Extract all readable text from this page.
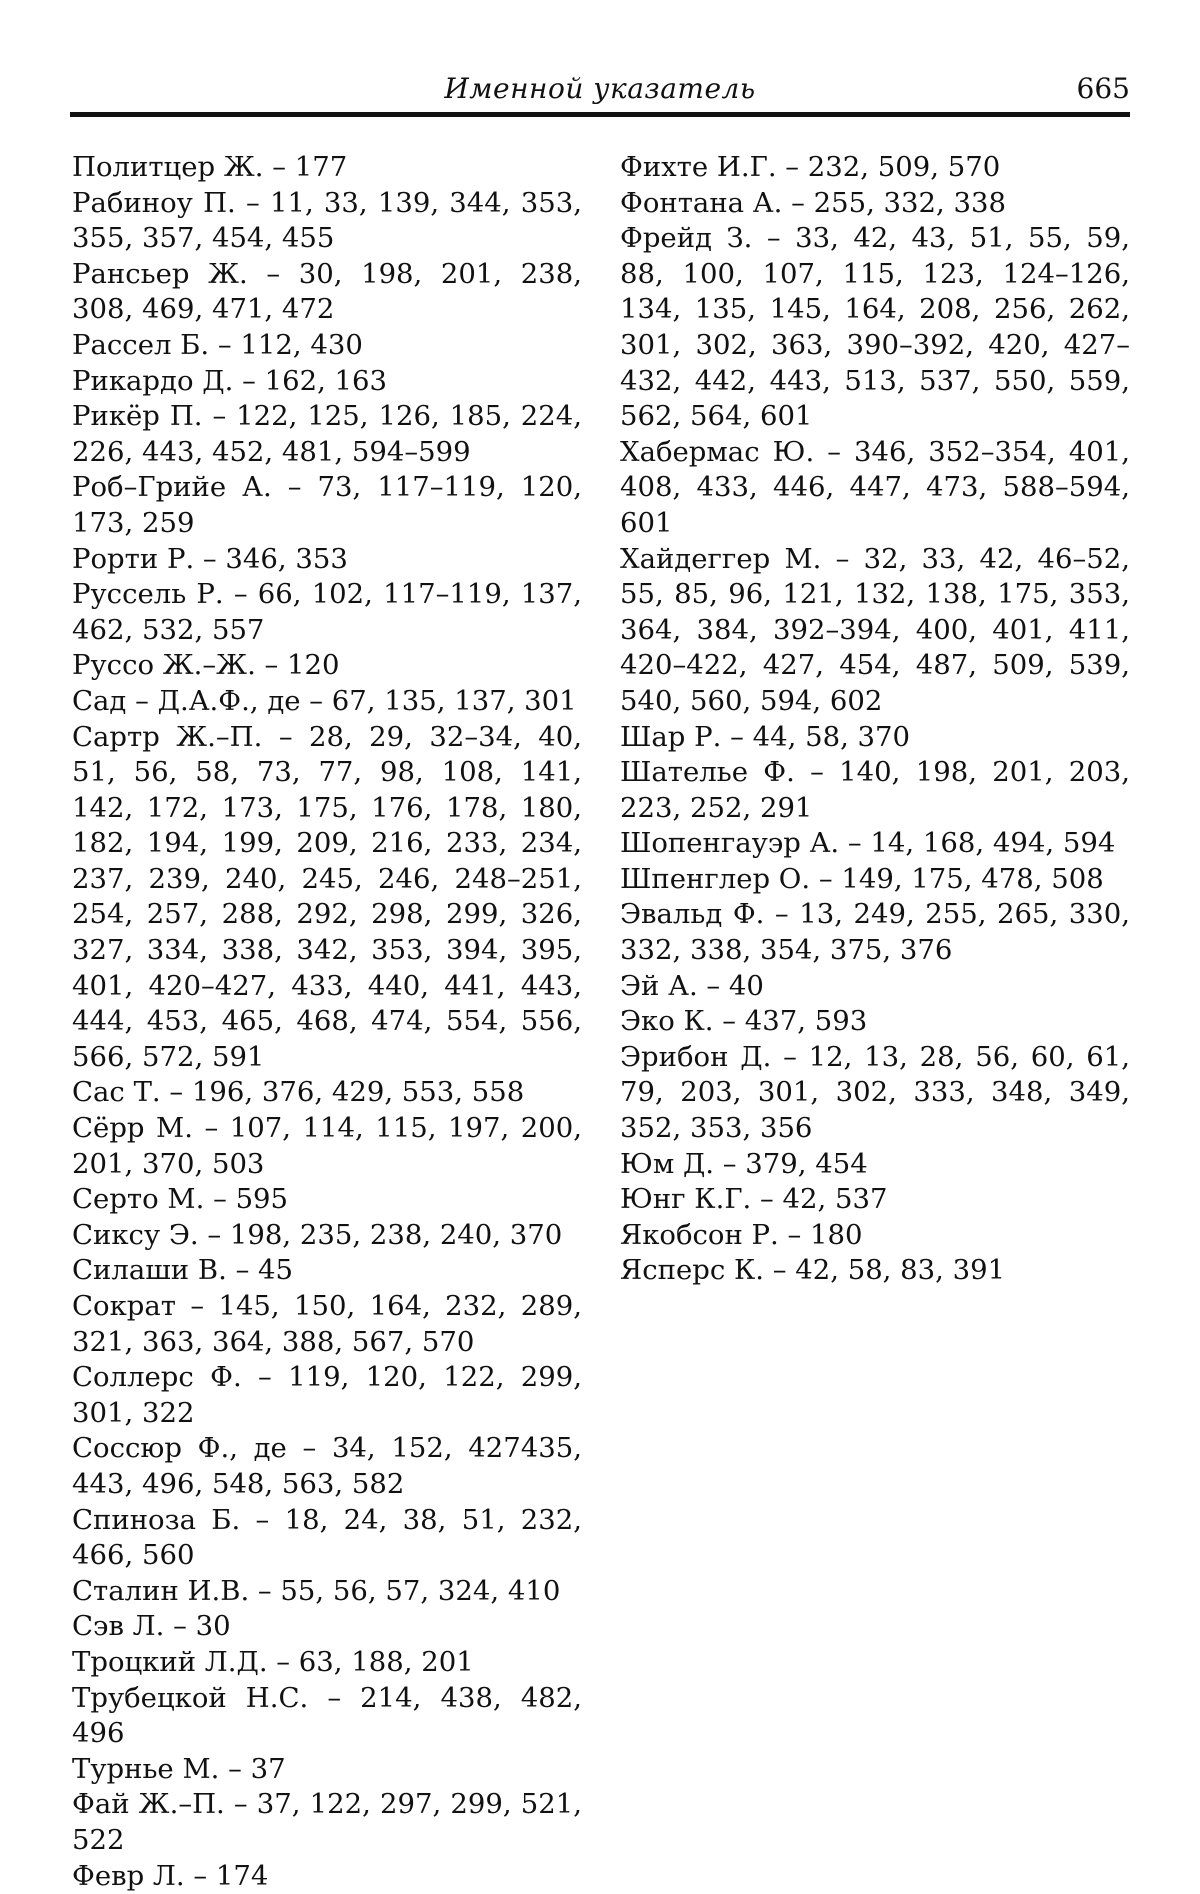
Именной указатель	665

Политцер Ж. – 177

Рабиноу П. – 11, 33, 139, 344, 353, 355, 357, 454, 455

Рансьер Ж. – 30, 198, 201, 238, 308, 469, 471, 472

Рассел Б. – 112, 430

Рикардо Д. – 162, 163

Рикёр П. – 122, 125, 126, 185, 224, 226, 443, 452, 481, 594–599

Роб–Грийе А. – 73, 117–119, 120, 173, 259

Рорти Р. – 346, 353

Руссель Р. – 66, 102, 117–119, 137, 462, 532, 557

Руссо Ж.–Ж. – 120

Сад – Д.А.Ф., де – 67, 135, 137, 301

Сартр Ж.–П. – 28, 29, 32–34, 40, 51, 56, 58, 73, 77, 98, 108, 141, 142, 172, 173, 175, 176, 178, 180, 182, 194, 199, 209, 216, 233, 234, 237, 239, 240, 245, 246, 248–251, 254, 257, 288, 292, 298, 299, 326, 327, 334, 338, 342, 353, 394, 395, 401, 420–427, 433, 440, 441, 443, 444, 453, 465, 468, 474, 554, 556, 566, 572, 591

Сас Т. – 196, 376, 429, 553, 558

Сёрр М. – 107, 114, 115, 197, 200, 201, 370, 503

Серто М. – 595

Сиксу Э. – 198, 235, 238, 240, 370

Силаши В. – 45

Сократ – 145, 150, 164, 232, 289, 321, 363, 364, 388, 567, 570

Соллерс Ф. – 119, 120, 122, 299, 301, 322

Соссюр Ф., де – 34, 152, 427435, 443, 496, 548, 563, 582

Спиноза Б. – 18, 24, 38, 51, 232, 466, 560

Сталин И.В. – 55, 56, 57, 324, 410

Сэв Л. – 30

Троцкий Л.Д. – 63, 188, 201

Трубецкой Н.С. – 214, 438, 482, 496

Турнье М. – 37

Фай Ж.–П. – 37, 122, 297, 299, 521, 522

Февр Л. – 174

Фихте И.Г. – 232, 509, 570

Фонтана А. – 255, 332, 338

Фрейд З. – 33, 42, 43, 51, 55, 59, 88, 100, 107, 115, 123, 124–126, 134, 135, 145, 164, 208, 256, 262, 301, 302, 363, 390–392, 420, 427–432, 442, 443, 513, 537, 550, 559, 562, 564, 601

Хабермас Ю. – 346, 352–354, 401, 408, 433, 446, 447, 473, 588–594, 601

Хайдеггер М. – 32, 33, 42, 46–52, 55, 85, 96, 121, 132, 138, 175, 353, 364, 384, 392–394, 400, 401, 411, 420–422, 427, 454, 487, 509, 539, 540, 560, 594, 602

Шар Р. – 44, 58, 370

Шателье Ф. – 140, 198, 201, 203, 223, 252, 291

Шопенгауэр А. – 14, 168, 494, 594

Шпенглер О. – 149, 175, 478, 508

Эвальд Ф. – 13, 249, 255, 265, 330, 332, 338, 354, 375, 376

Эй А. – 40

Эко К. – 437, 593

Эрибон Д. – 12, 13, 28, 56, 60, 61, 79, 203, 301, 302, 333, 348, 349, 352, 353, 356

Юм Д. – 379, 454

Юнг К.Г. – 42, 537

Якобсон Р. – 180

Ясперс К. – 42, 58, 83, 391
